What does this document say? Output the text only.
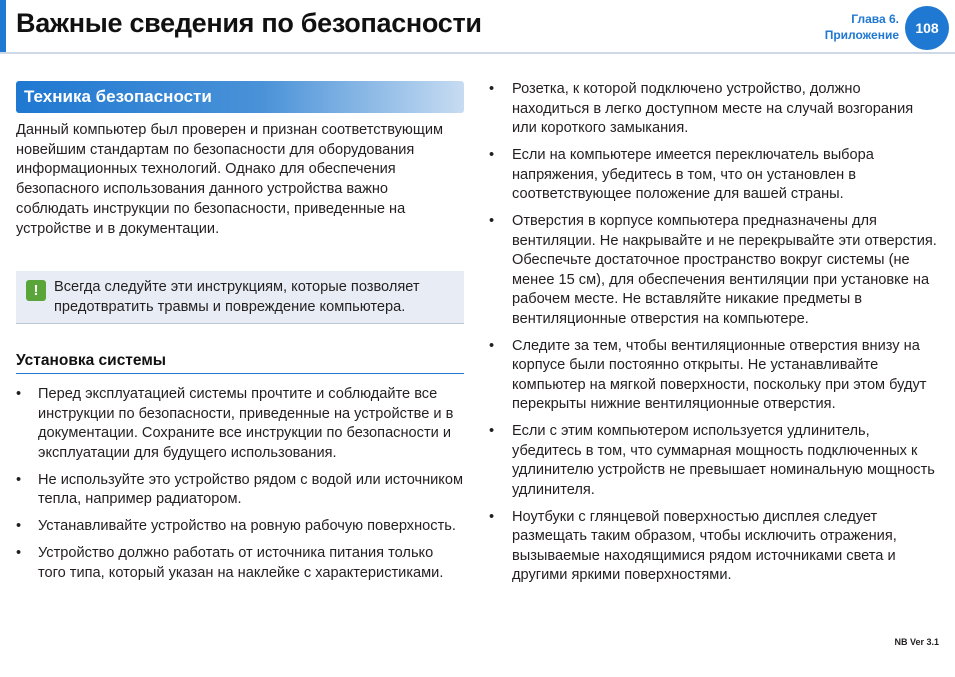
Важные сведения по безопасности	Глава 6.
Приложение	108
Техника безопасности

Данный компьютер был проверен и признан соответствующим новейшим стандартам по безопасности для оборудования информационных технологий. Однако для обеспечения безопасного использования данного устройства важно соблюдать инструкции по безопасности, приведенные на устройстве и в документации.

!	Всегда следуйте эти инструкциям, которые позволяет предотвратить травмы и повреждение компьютера.
Установка системы
• Перед эксплуатацией системы прочтите и соблюдайте все инструкции по безопасности, приведенные на устройстве и в документации. Сохраните все инструкции по безопасности и эксплуатации для будущего использования.
• Не используйте это устройство рядом с водой или источником тепла, например радиатором.
• Устанавливайте устройство на ровную рабочую поверхность.
• Устройство должно работать от источника питания только того типа, который указан на наклейке с характеристиками.
• Розетка, к которой подключено устройство, должно находиться в легко доступном месте на случай возгорания или короткого замыкания.
• Если на компьютере имеется переключатель выбора напряжения, убедитесь в том, что он установлен в соответствующее положение для вашей страны.
• Отверстия в корпусе компьютера предназначены для вентиляции. Не накрывайте и не перекрывайте эти отверстия. Обеспечьте достаточное пространство вокруг системы (не менее 15 см), для обеспечения вентиляции при установке на рабочем месте. Не вставляйте никакие предметы в вентиляционные отверстия на компьютере.
• Следите за тем, чтобы вентиляционные отверстия внизу на корпусе были постоянно открыты. Не устанавливайте компьютер на мягкой поверхности, поскольку при этом будут перекрыты нижние вентиляционные отверстия.
• Если с этим компьютером используется удлинитель, убедитесь в том, что суммарная мощность подключенных к удлинителю устройств не превышает номинальную мощность удлинителя.
• Ноутбуки с глянцевой поверхностью дисплея следует размещать таким образом, чтобы исключить отражения, вызываемые находящимися рядом источниками света и другими яркими поверхностями.
NB Ver 3.1
